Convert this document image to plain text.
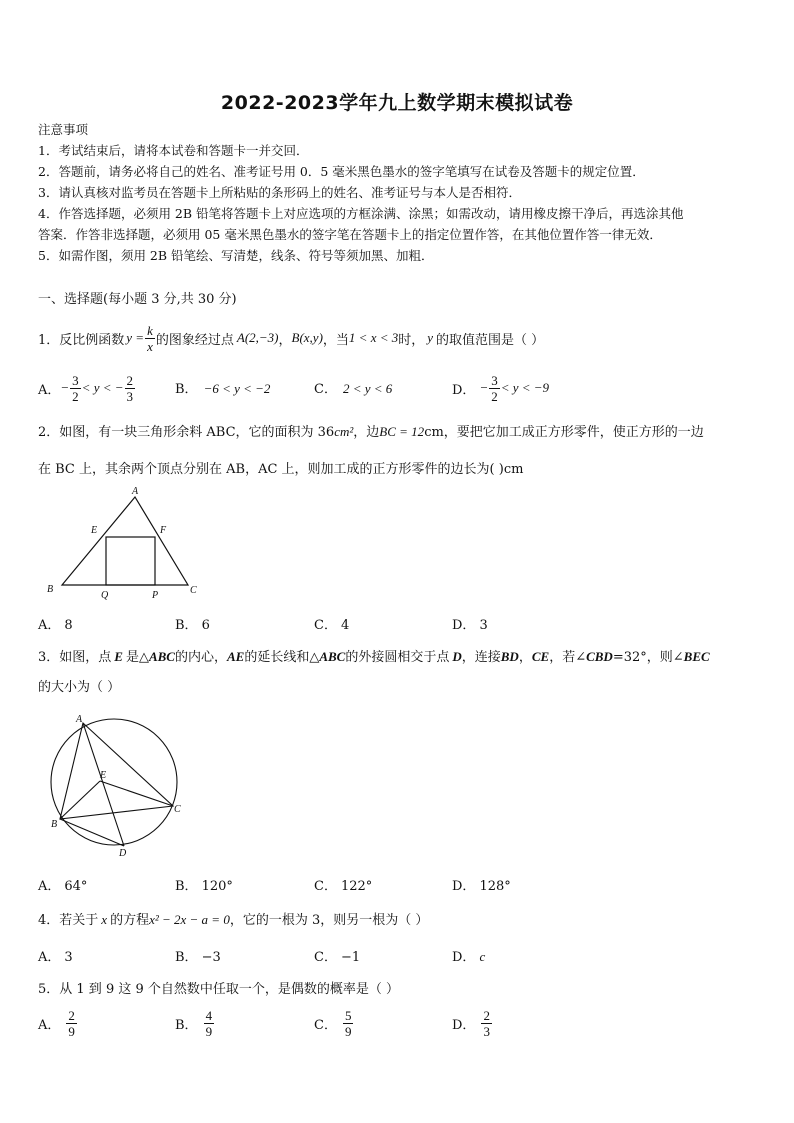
2022-2023学年九上数学期末模拟试卷
注意事项
1．考试结束后，请将本试卷和答题卡一并交回．
2．答题前，请务必将自己的姓名、准考证号用 0．5 毫米黑色墨水的签字笔填写在试卷及答题卡的规定位置．
3．请认真核对监考员在答题卡上所粘贴的条形码上的姓名、准考证号与本人是否相符．
4．作答选择题，必须用 2B 铅笔将答题卡上对应选项的方框涂满、涂黑；如需改动，请用橡皮擦干净后，再选涂其他
答案．作答非选择题，必须用 05 毫米黑色墨水的签字笔在答题卡上的指定位置作答，在其他位置作答一律无效．
5．如需作图，须用 2B 铅笔绘、写清楚，线条、符号等须加黑、加粗．
一、选择题(每小题 3 分,共 30 分)
1．反比例函数 $y = \frac{k}{x}$ 的图象经过点 A(2,−3) ， B(x,y) ，当 1 < x < 3 时， y 的取值范围是（ ）
A． − $\frac{3}{2} < y$ < − $\frac{2}{3}$	B． −6 < y < −2	C． 2 < y < 6	D． − $\frac{3}{2} < y < -9$
2．如图，有一块三角形余料 ABC，它的面积为 36cm²，边BC = 12cm，要把它加工成正方形零件，使正方形的一边
在 BC 上，其余两个顶点分别在 AB，AC 上，则加工成的正方形零件的边长为( )cm
A
B	C
E	F
Q	P
A． 8	B． 6	C． 4	D． 3
3．如图，点 E 是△ABC的内心，AE的延长线和△ABC的外接圆相交于点 D，连接BD，CE，若∠CBD=32°，则∠BEC
的大小为（ ）
A
B
C
D
E
A． 64°	B． 120°	C． 122°	D． 128°
4．若关于 x 的方程x² − 2x − a = 0，它的一根为 3，则另一根为（ ）
A． 3	B． −3	C． −1	D． c
5．从 1 到 9 这 9 个自然数中任取一个，是偶数的概率是（ ）
A． $\frac{2}{9}$	B． $\frac{4}{9}$	C． $\frac{5}{9}$	D． $\frac{2}{3}$
